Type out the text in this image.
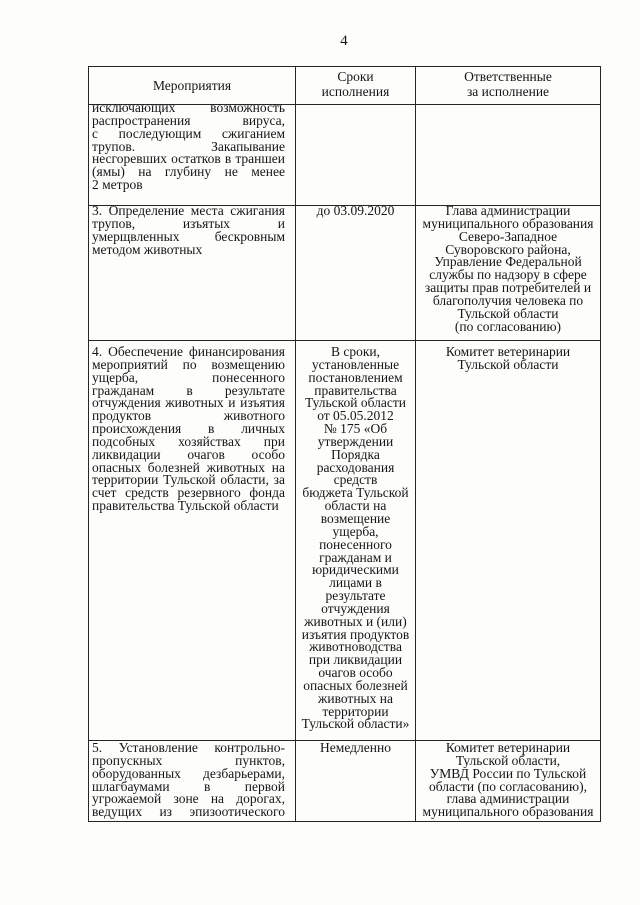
4
Мероприятия
Сроки
исполнения
Ответственные
за исполнение
исключающих возможность
распространения вируса,
с последующим сжиганием
трупов. Закапывание
несгоревших остатков в траншеи
(ямы) на глубину не менее
2 метров
3. Определение места сжигания
трупов, изъятых и
умерщвленных бескровным
методом животных
до 03.09.2020	Глава администрации
муниципального образования
Северо-Западное
Суворовского района,
Управление Федеральной
службы по надзору в сфере
защиты прав потребителей и
благополучия человека по
Тульской области
(по согласованию)
4. Обеспечение финансирования
мероприятий по возмещению
ущерба, понесенного
гражданам в результате
отчуждения животных и изъятия
продуктов животного
происхождения в личных
подсобных хозяйствах при
ликвидации очагов особо
опасных болезней животных на
территории Тульской области, за
счет средств резервного фонда
правительства Тульской области
В сроки,
установленные
постановлением
правительства
Тульской области
от 05.05.2012
№ 175 «Об
утверждении
Порядка
расходования
средств
бюджета Тульской
области на
возмещение
ущерба,
понесенного
гражданам и
юридическими
лицами в
результате
отчуждения
животных и (или)
изъятия продуктов
животноводства
при ликвидации
очагов особо
опасных болезней
животных на
территории
Тульской области»
Комитет ветеринарии
Тульской области
5. Установление контрольно-
пропускных пунктов,
оборудованных дезбарьерами,
шлагбаумами в первой
угрожаемой зоне на дорогах,
ведущих из эпизоотического
Немедленно	Комитет ветеринарии
Тульской области,
УМВД России по Тульской
области (по согласованию),
глава администрации
муниципального образования
